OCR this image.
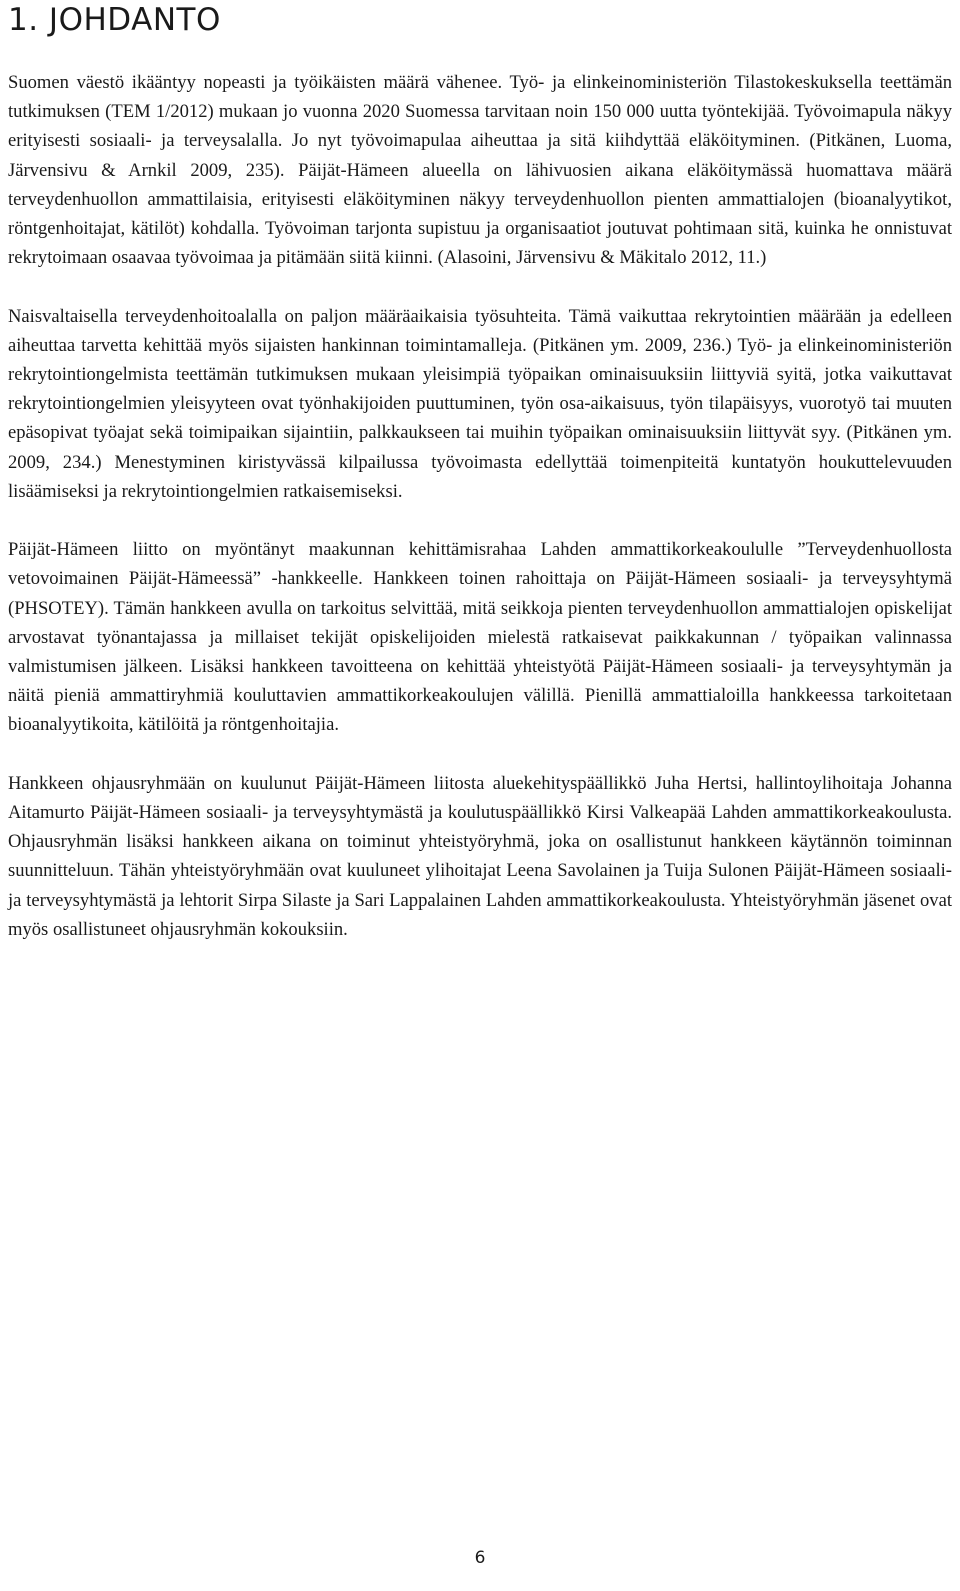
1. JOHDANTO

Suomen väestö ikääntyy nopeasti ja työikäisten määrä vähenee. Työ- ja elinkeinoministeriön Tilastokeskuksella teettämän tutkimuksen (TEM 1/2012) mukaan jo vuonna 2020 Suomessa tarvitaan noin 150 000 uutta työntekijää. Työvoimapula näkyy erityisesti sosiaali- ja terveysalalla. Jo nyt työvoimapulaa aiheuttaa ja sitä kiihdyttää eläköityminen. (Pitkänen, Luoma, Järvensivu & Arnkil 2009, 235). Päijät-Hämeen alueella on lähivuosien aikana eläköitymässä huomattava määrä terveydenhuollon ammattilaisia, erityisesti eläköityminen näkyy terveydenhuollon pienten ammattialojen (bioanalyytikot, röntgenhoitajat, kätilöt) kohdalla. Työvoiman tarjonta supistuu ja organisaatiot joutuvat pohtimaan sitä, kuinka he onnistuvat rekrytoimaan osaavaa työvoimaa ja pitämään siitä kiinni. (Alasoini, Järvensivu & Mäkitalo 2012, 11.)

Naisvaltaisella terveydenhoitoalalla on paljon määräaikaisia työsuhteita. Tämä vaikuttaa rekrytointien määrään ja edelleen aiheuttaa tarvetta kehittää myös sijaisten hankinnan toimintamalleja. (Pitkänen ym. 2009, 236.) Työ- ja elinkeinoministeriön rekrytointiongelmista teettämän tutkimuksen mukaan yleisimpiä työpaikan ominaisuuksiin liittyviä syitä, jotka vaikuttavat rekrytointiongelmien yleisyyteen ovat työnhakijoiden puuttuminen, työn osa-aikaisuus, työn tilapäisyys, vuorotyö tai muuten epäsopivat työajat sekä toimipaikan sijaintiin, palkkaukseen tai muihin työpaikan ominaisuuksiin liittyvät syy. (Pitkänen ym. 2009, 234.) Menestyminen kiristyvässä kilpailussa työvoimasta edellyttää toimenpiteitä kuntatyön houkuttelevuuden lisäämiseksi ja rekrytointiongelmien ratkaisemiseksi.

Päijät-Hämeen liitto on myöntänyt maakunnan kehittämisrahaa Lahden ammattikorkeakoululle ”Terveydenhuollosta vetovoimainen Päijät-Hämeessä” -hankkeelle. Hankkeen toinen rahoittaja on Päijät-Hämeen sosiaali- ja terveysyhtymä (PHSOTEY). Tämän hankkeen avulla on tarkoitus selvittää, mitä seikkoja pienten terveydenhuollon ammattialojen opiskelijat arvostavat työnantajassa ja millaiset tekijät opiskelijoiden mielestä ratkaisevat paikkakunnan / työpaikan valinnassa valmistumisen jälkeen. Lisäksi hankkeen tavoitteena on kehittää yhteistyötä Päijät-Hämeen sosiaali- ja terveysyhtymän ja näitä pieniä ammattiryhmiä kouluttavien ammattikorkeakoulujen välillä. Pienillä ammattialoilla hankkeessa tarkoitetaan bioanalyytikoita, kätilöitä ja röntgenhoitajia.

Hankkeen ohjausryhmään on kuulunut Päijät-Hämeen liitosta aluekehityspäällikkö Juha Hertsi, hallintoylihoitaja Johanna Aitamurto Päijät-Hämeen sosiaali- ja terveysyhtymästä ja koulutuspäällikkö Kirsi Valkeapää Lahden ammattikorkeakoulusta. Ohjausryhmän lisäksi hankkeen aikana on toiminut yhteistyöryhmä, joka on osallistunut hankkeen käytännön toiminnan suunnitteluun. Tähän yhteistyöryhmään ovat kuuluneet ylihoitajat Leena Savolainen ja Tuija Sulonen Päijät-Hämeen sosiaali- ja terveysyhtymästä ja lehtorit Sirpa Silaste ja Sari Lappalainen Lahden ammattikorkeakoulusta. Yhteistyöryhmän jäsenet ovat myös osallistuneet ohjausryhmän kokouksiin.

6
